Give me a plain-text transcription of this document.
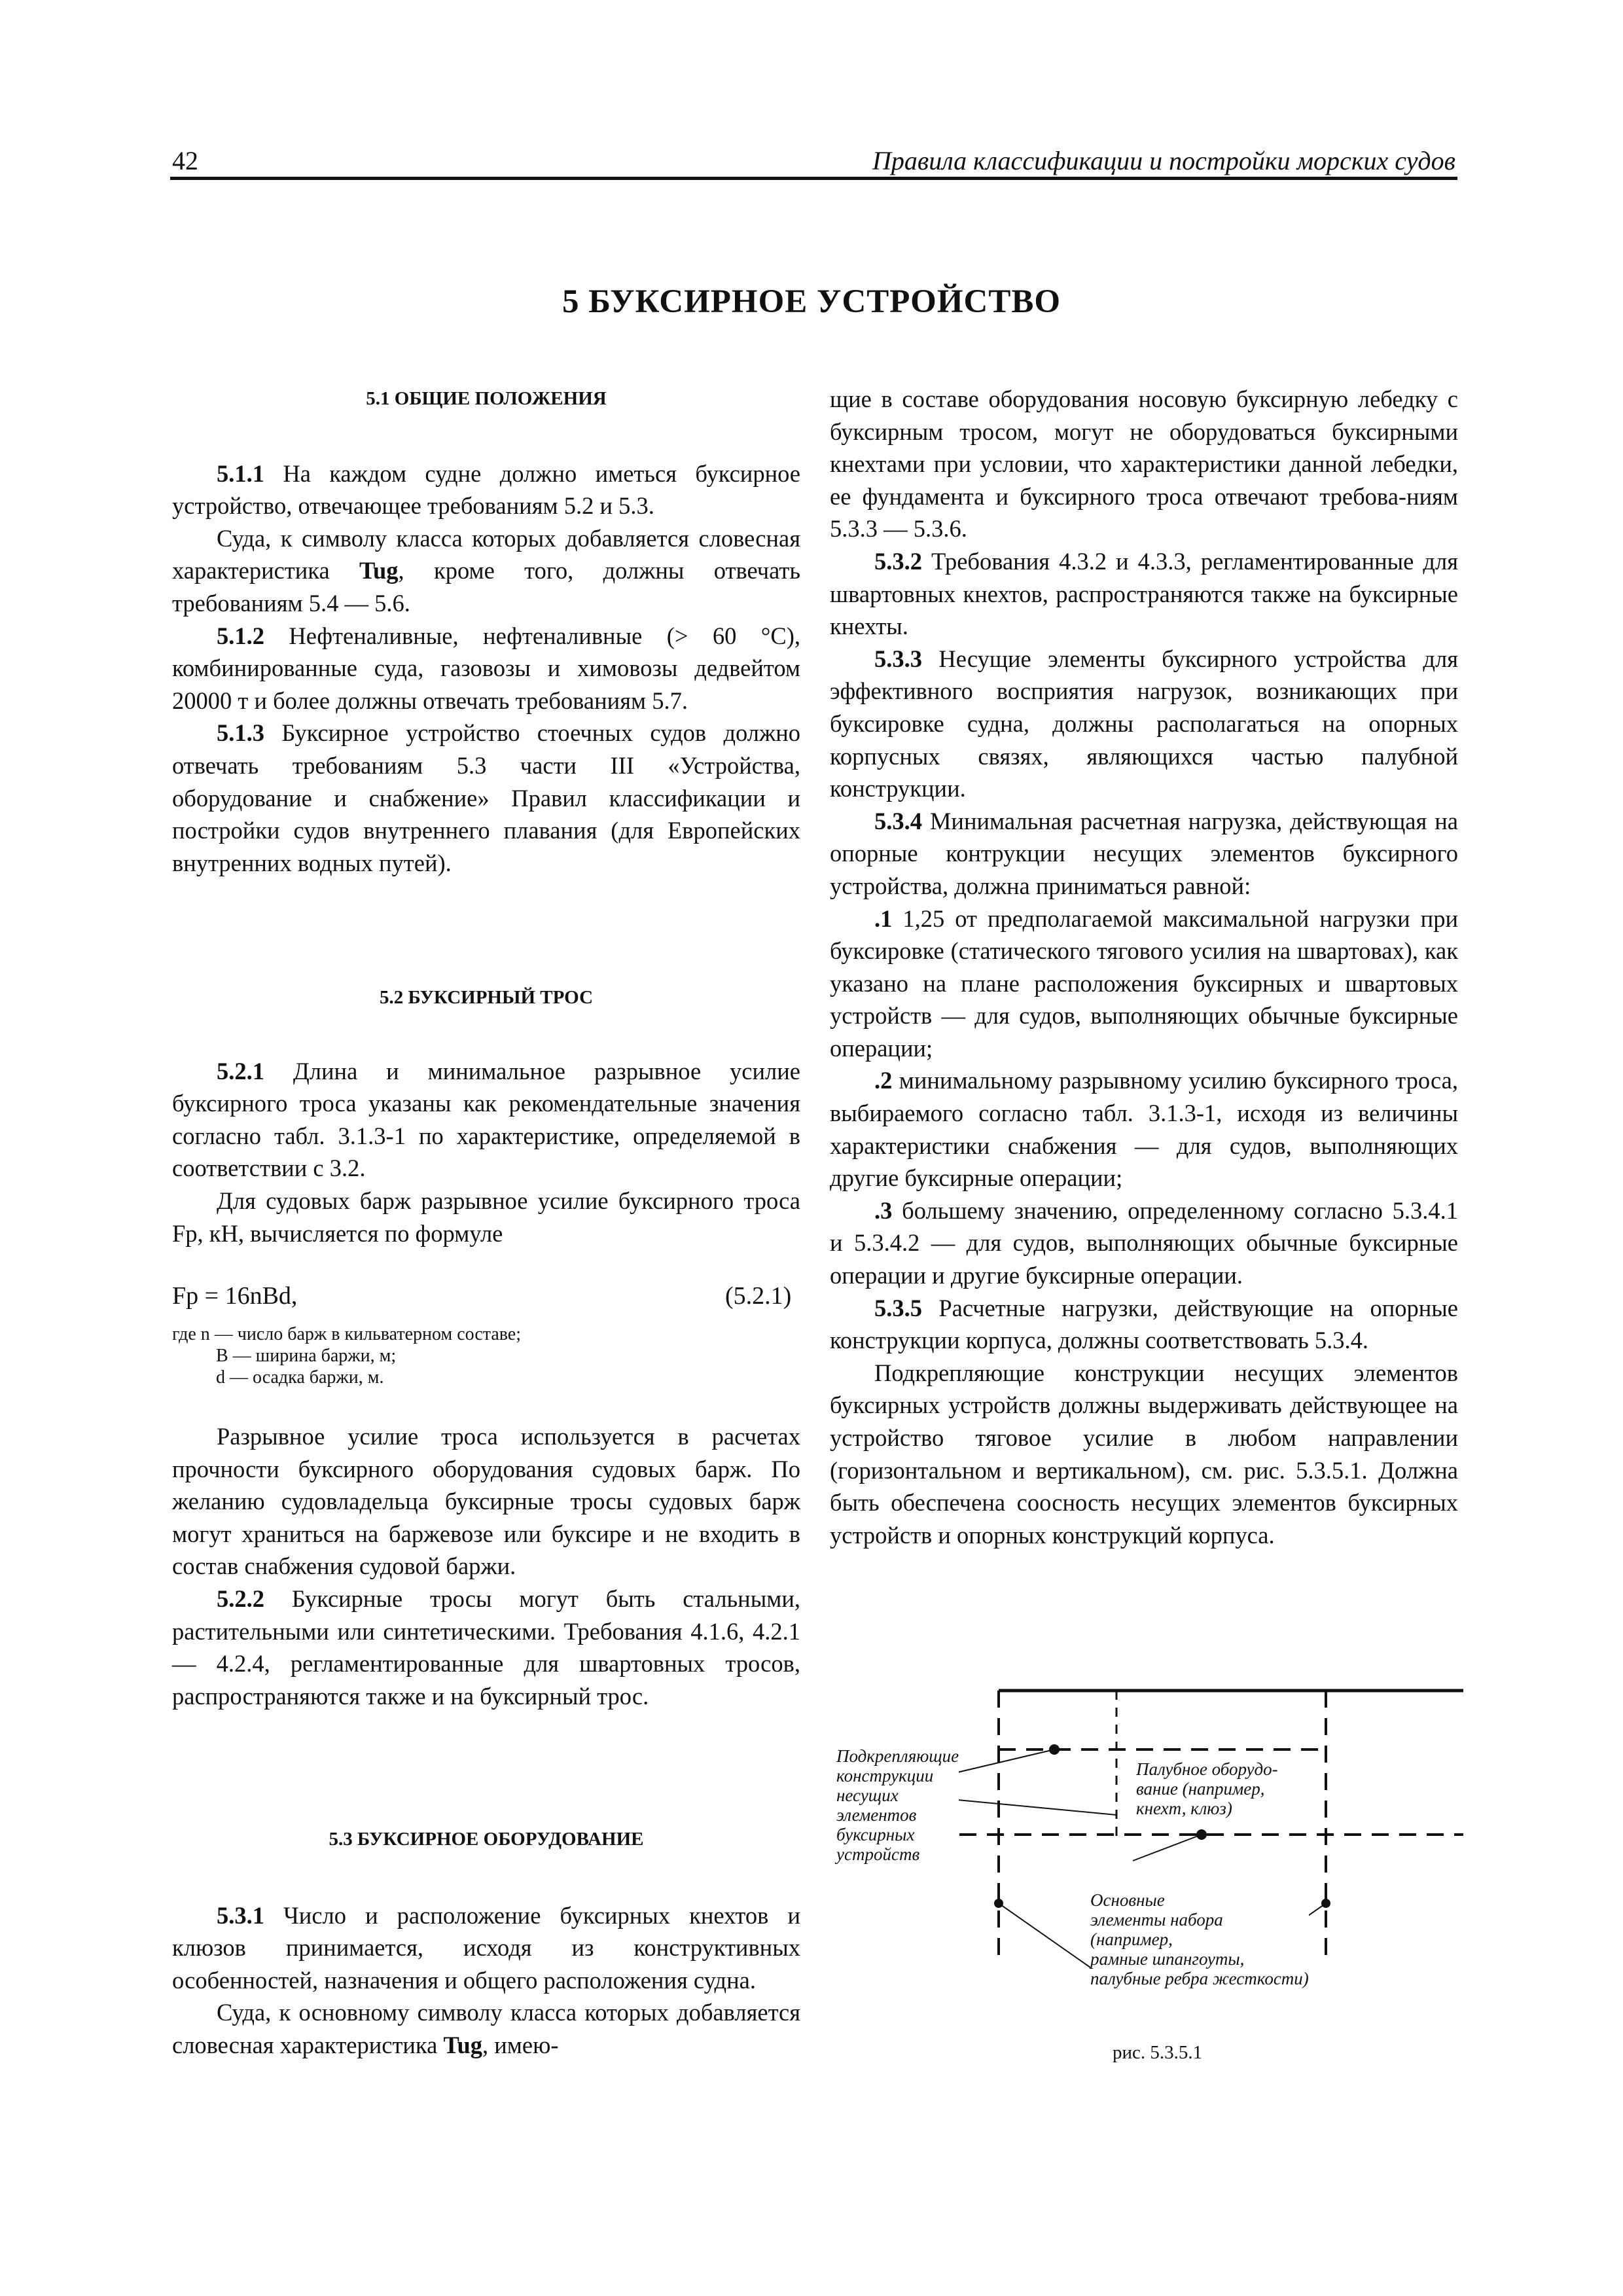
42	Правила классификации и постройки морских судов
5 БУКСИРНОЕ УСТРОЙСТВО
5.1 ОБЩИЕ ПОЛОЖЕНИЯ

5.1.1 На каждом судне должно иметься буксирное устройство, отвечающее требованиям 5.2 и 5.3.

Суда, к символу класса которых добавляется словесная характеристика Tug, кроме того, должны отвечать требованиям 5.4 — 5.6.

5.1.2 Нефтеналивные, нефтеналивные (> 60 °С), комбинированные суда, газовозы и химовозы дедвейтом 20000 т и более должны отвечать требованиям 5.7.

5.1.3 Буксирное устройство стоечных судов должно отвечать требованиям 5.3 части III «Устройства, оборудование и снабжение» Правил классификации и постройки судов внутреннего плавания (для Европейских внутренних водных путей).

5.2 БУКСИРНЫЙ ТРОС

5.2.1 Длина и минимальное разрывное усилие буксирного троса указаны как рекомендательные значения согласно табл. 3.1.3-1 по характеристике, определяемой в соответствии с 3.2.

Для судовых барж разрывное усилие буксирного троса Fp, кН, вычисляется по формуле

Fp = 16nBd,	(5.2.1)
где n — число барж в кильватерном составе;
B — ширина баржи, м;
d — осадка баржи, м.

Разрывное усилие троса используется в расчетах прочности буксирного оборудования судовых барж. По желанию судовладельца буксирные тросы судовых барж могут храниться на баржевозе или буксире и не входить в состав снабжения судовой баржи.

5.2.2 Буксирные тросы могут быть стальными, растительными или синтетическими. Требования 4.1.6, 4.2.1 — 4.2.4, регламентированные для швартовных тросов, распространяются также и на буксирный трос.

5.3 БУКСИРНОЕ ОБОРУДОВАНИЕ

5.3.1 Число и расположение буксирных кнехтов и клюзов принимается, исходя из конструктивных особенностей, назначения и общего расположения судна.

Суда, к основному символу класса которых добавляется словесная характеристика Tug, имею-

щие в составе оборудования носовую буксирную лебедку с буксирным тросом, могут не оборудоваться буксирными кнехтами при условии, что характеристики данной лебедки, ее фундамента и буксирного троса отвечают требова-ниям 5.3.3 — 5.3.6.

5.3.2 Требования 4.3.2 и 4.3.3, регламентированные для швартовных кнехтов, распространяются также на буксирные кнехты.

5.3.3 Несущие элементы буксирного устройства для эффективного восприятия нагрузок, возникающих при буксировке судна, должны располагаться на опорных корпусных связях, являющихся частью палубной конструкции.

5.3.4 Минимальная расчетная нагрузка, действующая на опорные контрукции несущих элементов буксирного устройства, должна приниматься равной:

.1 1,25 от предполагаемой максимальной нагрузки при буксировке (статического тягового усилия на швартовах), как указано на плане расположения буксирных и швартовых устройств — для судов, выполняющих обычные буксирные операции;

.2 минимальному разрывному усилию буксирного троса, выбираемого согласно табл. 3.1.3-1, исходя из величины характеристики снабжения — для судов, выполняющих другие буксирные операции;

.3 большему значению, определенному согласно 5.3.4.1 и 5.3.4.2 — для судов, выполняющих обычные буксирные операции и другие буксирные операции.

5.3.5 Расчетные нагрузки, действующие на опорные конструкции корпуса, должны соответствовать 5.3.4.

Подкрепляющие конструкции несущих элементов буксирных устройств должны выдерживать действующее на устройство тяговое усилие в любом направлении (горизонтальном и вертикальном), см. рис. 5.3.5.1. Должна быть обеспечена соосность несущих элементов буксирных устройств и опорных конструкций корпуса.

Подкрепляющие
конструкции
несущих
элементов
буксирных
устройств
Палубное оборудо-
вание (например,
кнехт, клюз)
Основные
элементы набора
(например,
рамные шпангоуты,
палубные ребра жесткости)
рис. 5.3.5.1
